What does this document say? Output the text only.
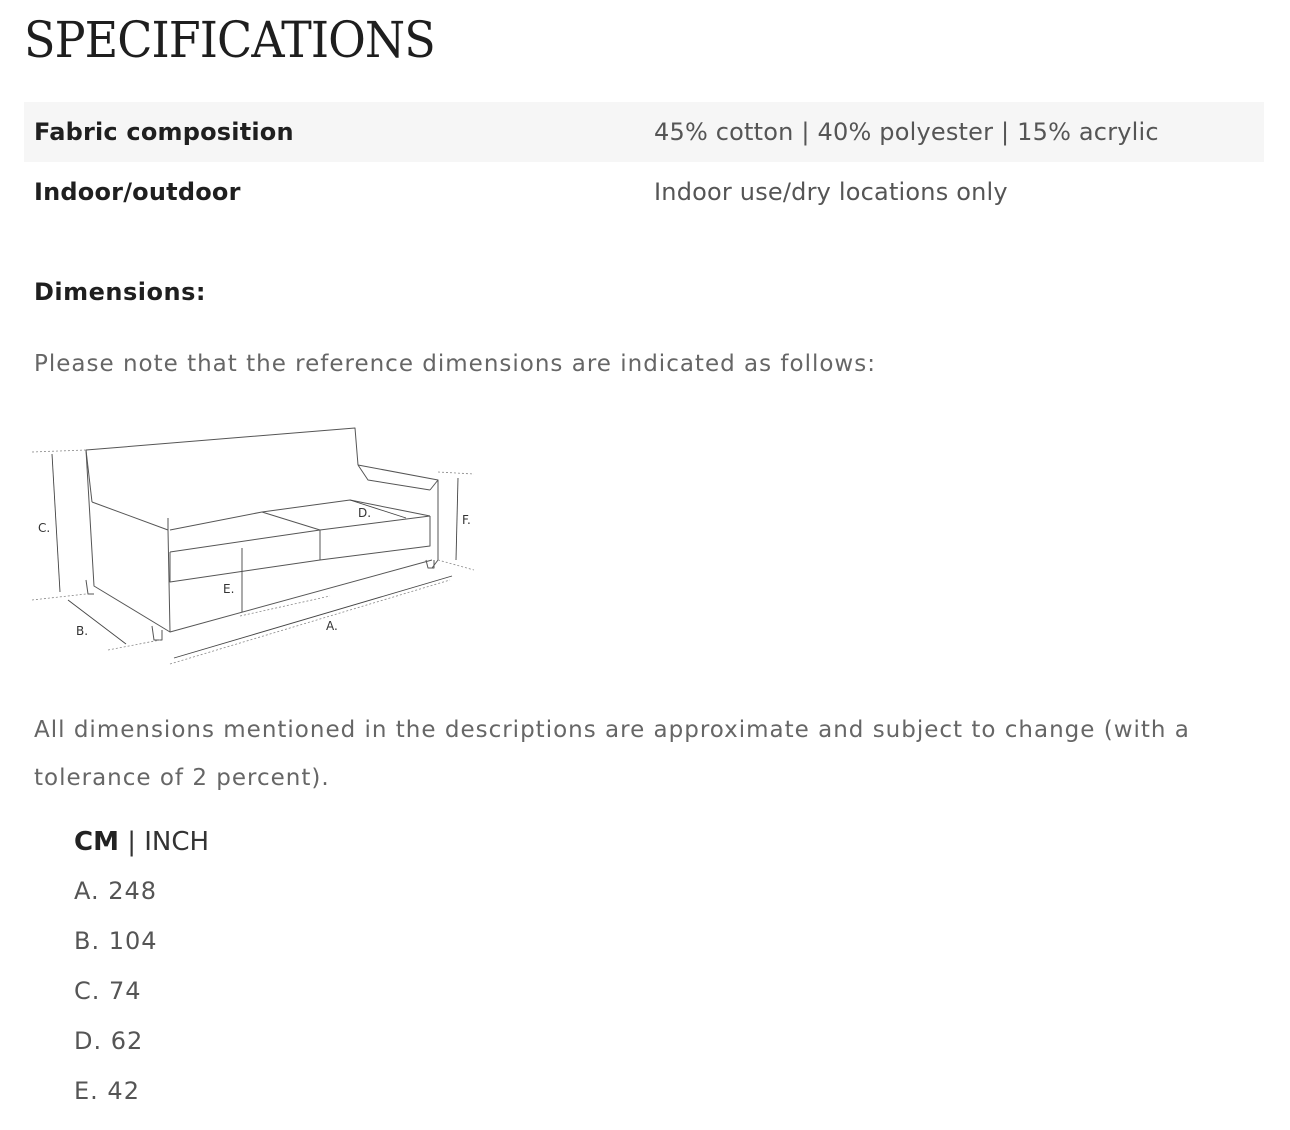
SPECIFICATIONS
Fabric composition	45% cotton | 40% polyester | 15% acrylic
Indoor/outdoor	Indoor use/dry locations only
Dimensions:
Please note that the reference dimensions are indicated as follows:
C.
B.
E.
A.
D.	F.
All dimensions mentioned in the descriptions are approximate and subject to change (with a tolerance of 2 percent).
CM | INCH
A. 248
B. 104
C. 74
D. 62
E. 42
